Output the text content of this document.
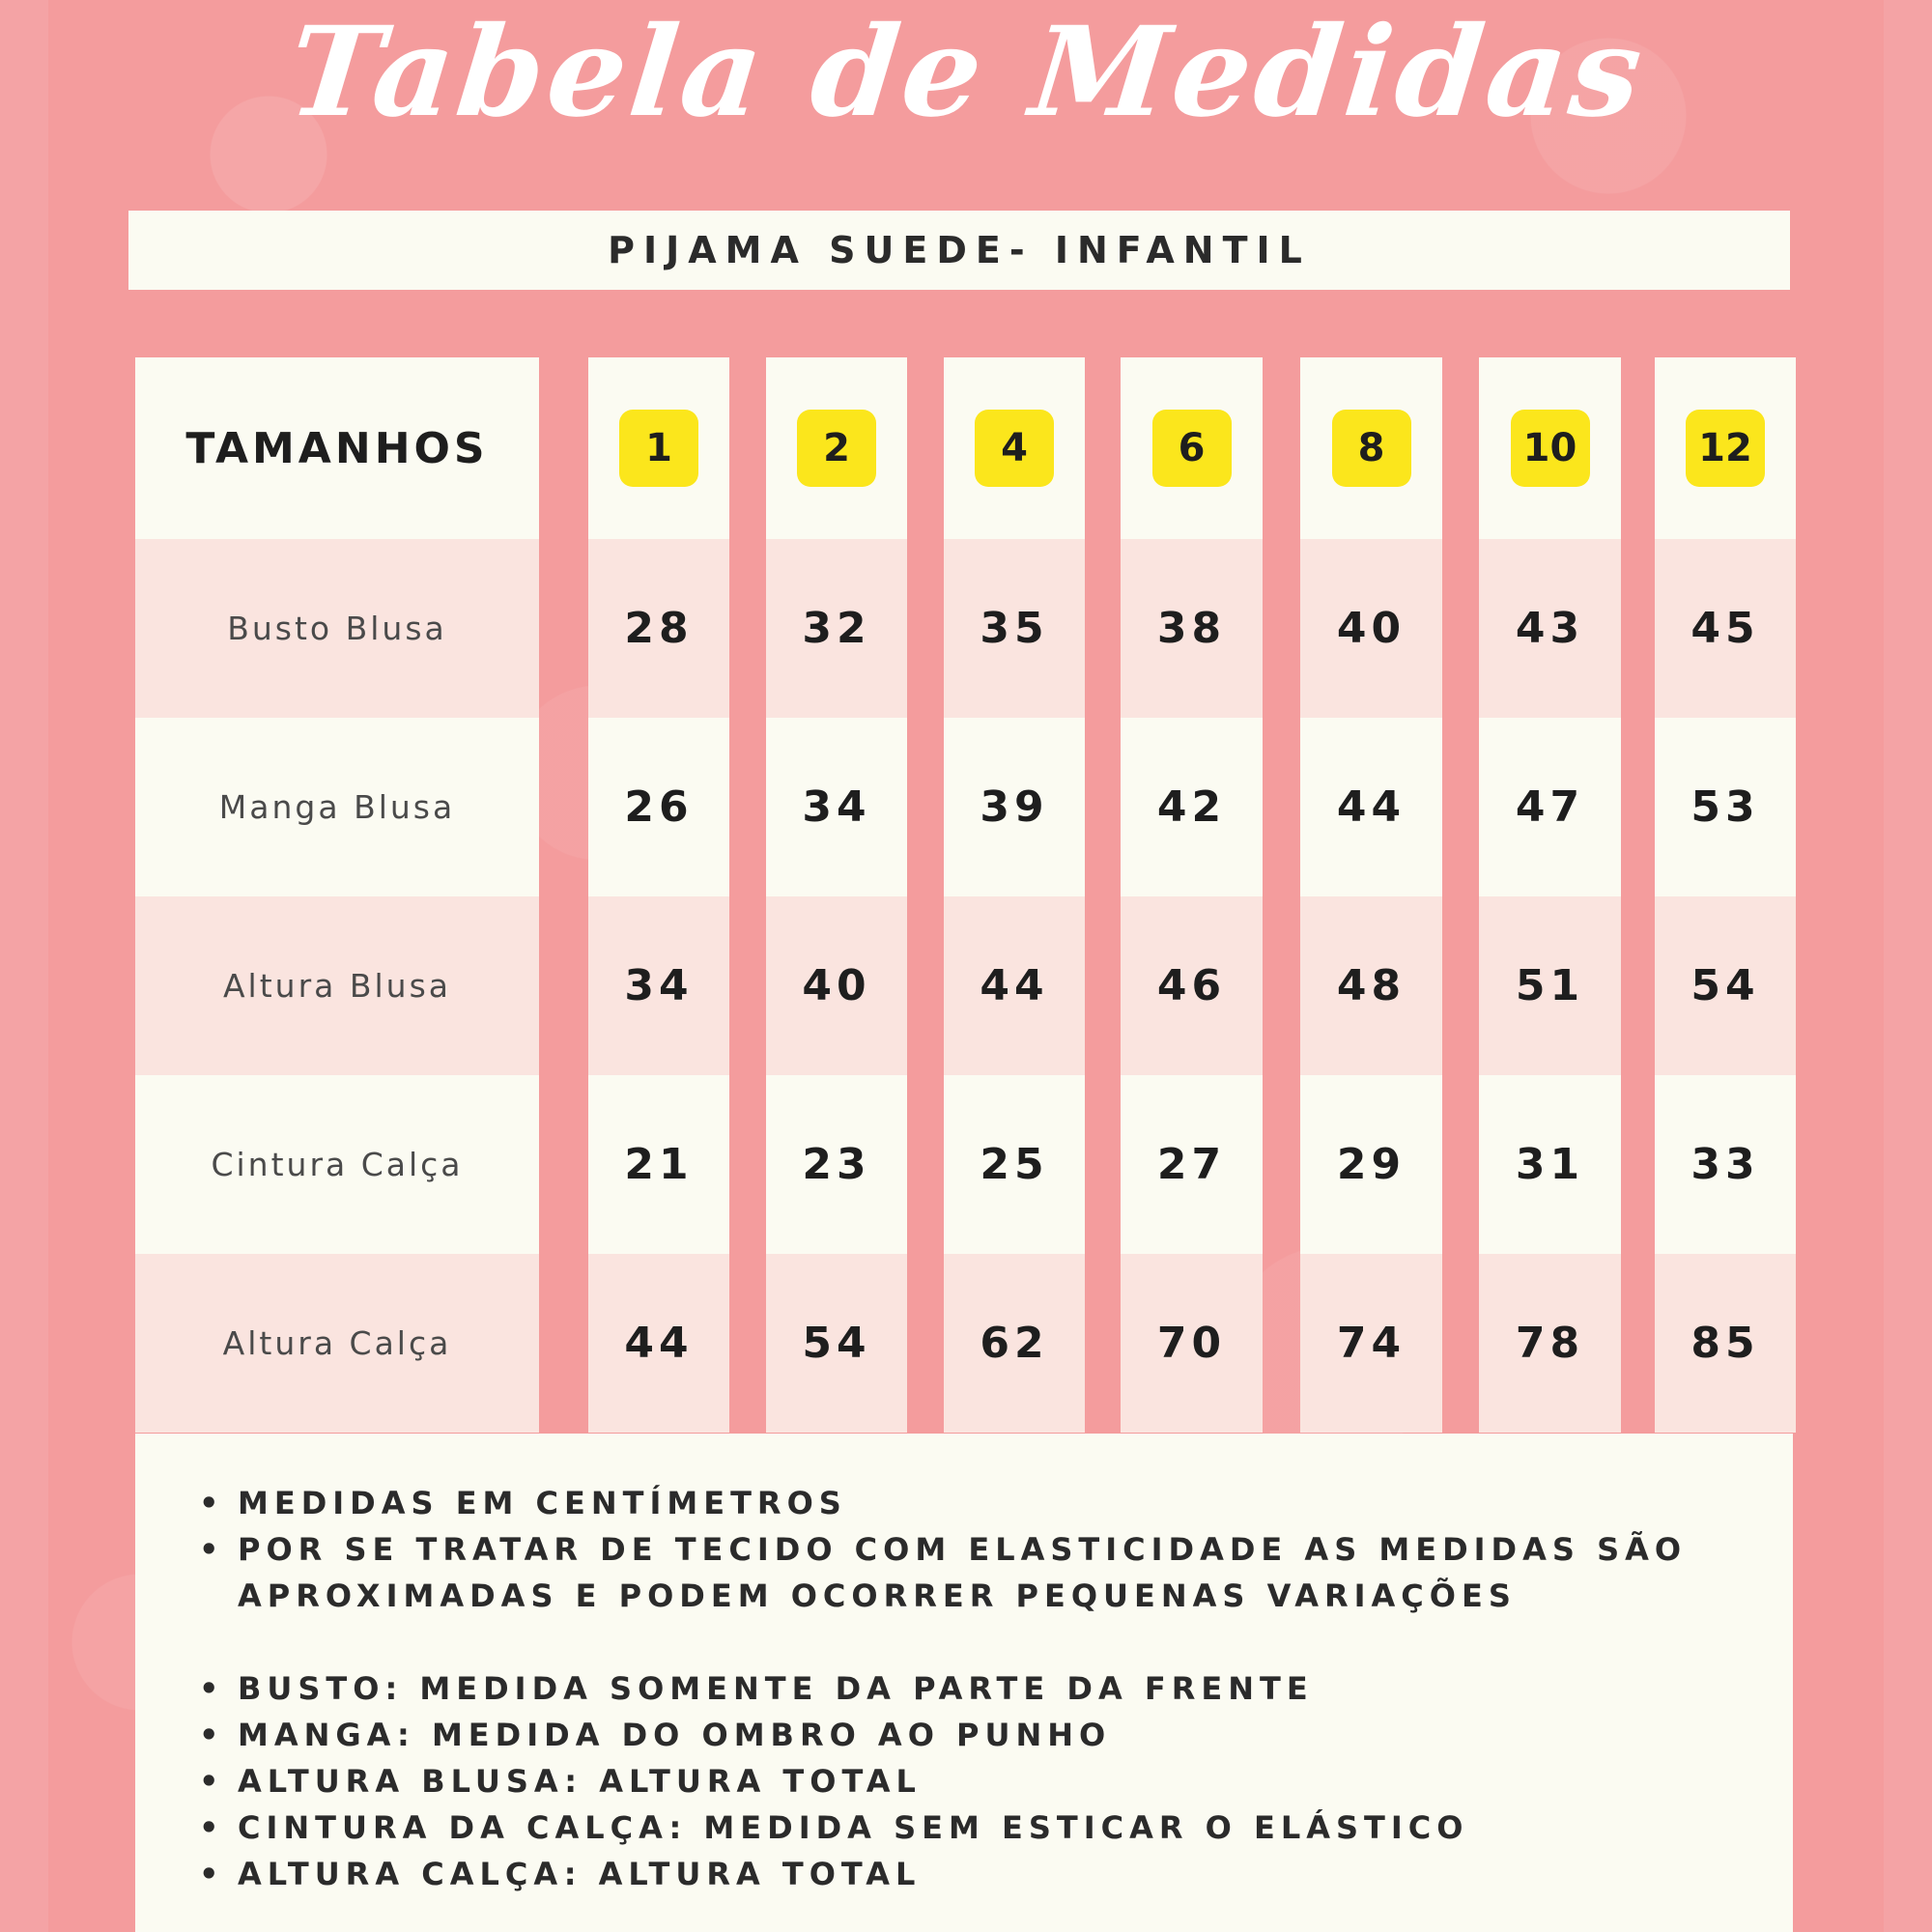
Tabela de Medidas
PIJAMA SUEDE- INFANTIL
TAMANHOS
Busto Blusa
Manga Blusa
Altura Blusa
Cintura Calça
Altura Calça
1
28
26
34
21
44
2
32
34
40
23
54
4
35
39
44
25
62
6
38
42
46
27
70
8
40
44
48
29
74
10
43
47
51
31
78
12
45
53
54
33
85
• MEDIDAS EM CENTÍMETROS
• POR SE TRATAR DE TECIDO COM ELASTICIDADE AS MEDIDAS SÃO APROXIMADAS E PODEM OCORRER PEQUENAS VARIAÇÕES
• BUSTO: MEDIDA SOMENTE DA PARTE DA FRENTE
• MANGA: MEDIDA DO OMBRO AO PUNHO
• ALTURA BLUSA: ALTURA TOTAL
• CINTURA DA CALÇA: MEDIDA SEM ESTICAR O ELÁSTICO
• ALTURA CALÇA: ALTURA TOTAL
